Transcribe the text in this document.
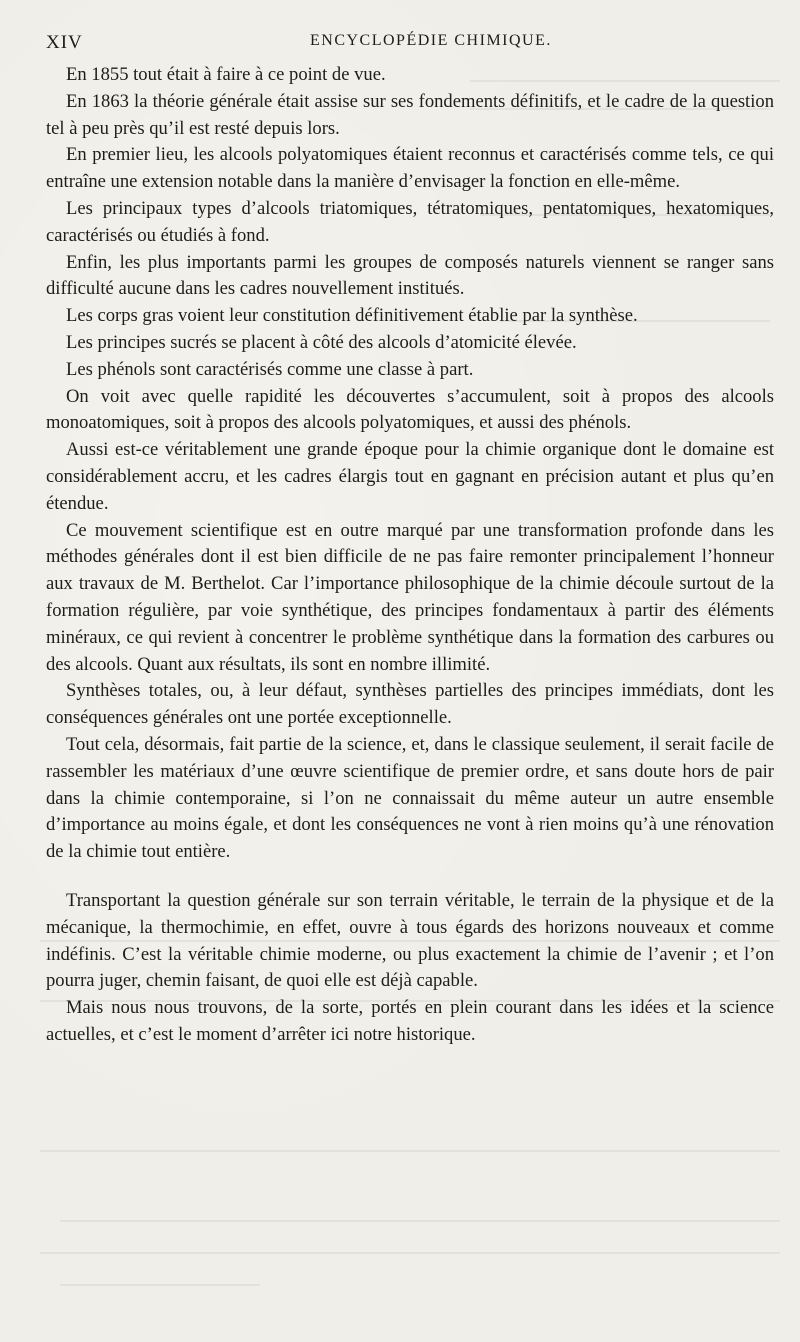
XIV	ENCYCLOPÉDIE CHIMIQUE.

En 1855 tout était à faire à ce point de vue.

En 1863 la théorie générale était assise sur ses fondements définitifs, et le cadre de la question tel à peu près qu’il est resté depuis lors.

En premier lieu, les alcools polyatomiques étaient reconnus et caractérisés comme tels, ce qui entraîne une extension notable dans la manière d’envisager la fonction en elle-même.

Les principaux types d’alcools triatomiques, tétratomiques, pentatomiques, hexatomiques, caractérisés ou étudiés à fond.

Enfin, les plus importants parmi les groupes de composés naturels viennent se ranger sans difficulté aucune dans les cadres nouvellement institués.

Les corps gras voient leur constitution définitivement établie par la synthèse.

Les principes sucrés se placent à côté des alcools d’atomicité élevée.

Les phénols sont caractérisés comme une classe à part.

On voit avec quelle rapidité les découvertes s’accumulent, soit à propos des alcools monoatomiques, soit à propos des alcools polyatomiques, et aussi des phénols.

Aussi est-ce véritablement une grande époque pour la chimie organique dont le domaine est considérablement accru, et les cadres élargis tout en gagnant en précision autant et plus qu’en étendue.

Ce mouvement scientifique est en outre marqué par une transformation profonde dans les méthodes générales dont il est bien difficile de ne pas faire remonter principalement l’honneur aux travaux de M. Berthelot. Car l’importance philosophique de la chimie découle surtout de la formation régulière, par voie synthétique, des principes fondamentaux à partir des éléments minéraux, ce qui revient à concentrer le problème synthétique dans la formation des carbures ou des alcools. Quant aux résultats, ils sont en nombre illimité.

Synthèses totales, ou, à leur défaut, synthèses partielles des principes immédiats, dont les conséquences générales ont une portée exceptionnelle.

Tout cela, désormais, fait partie de la science, et, dans le classique seulement, il serait facile de rassembler les matériaux d’une œuvre scientifique de premier ordre, et sans doute hors de pair dans la chimie contemporaine, si l’on ne connaissait du même auteur un autre ensemble d’importance au moins égale, et dont les conséquences ne vont à rien moins qu’à une rénovation de la chimie tout entière.

Transportant la question générale sur son terrain véritable, le terrain de la physique et de la mécanique, la thermochimie, en effet, ouvre à tous égards des horizons nouveaux et comme indéfinis. C’est la véritable chimie moderne, ou plus exactement la chimie de l’avenir ; et l’on pourra juger, chemin faisant, de quoi elle est déjà capable.

Mais nous nous trouvons, de la sorte, portés en plein courant dans les idées et la science actuelles, et c’est le moment d’arrêter ici notre historique.
